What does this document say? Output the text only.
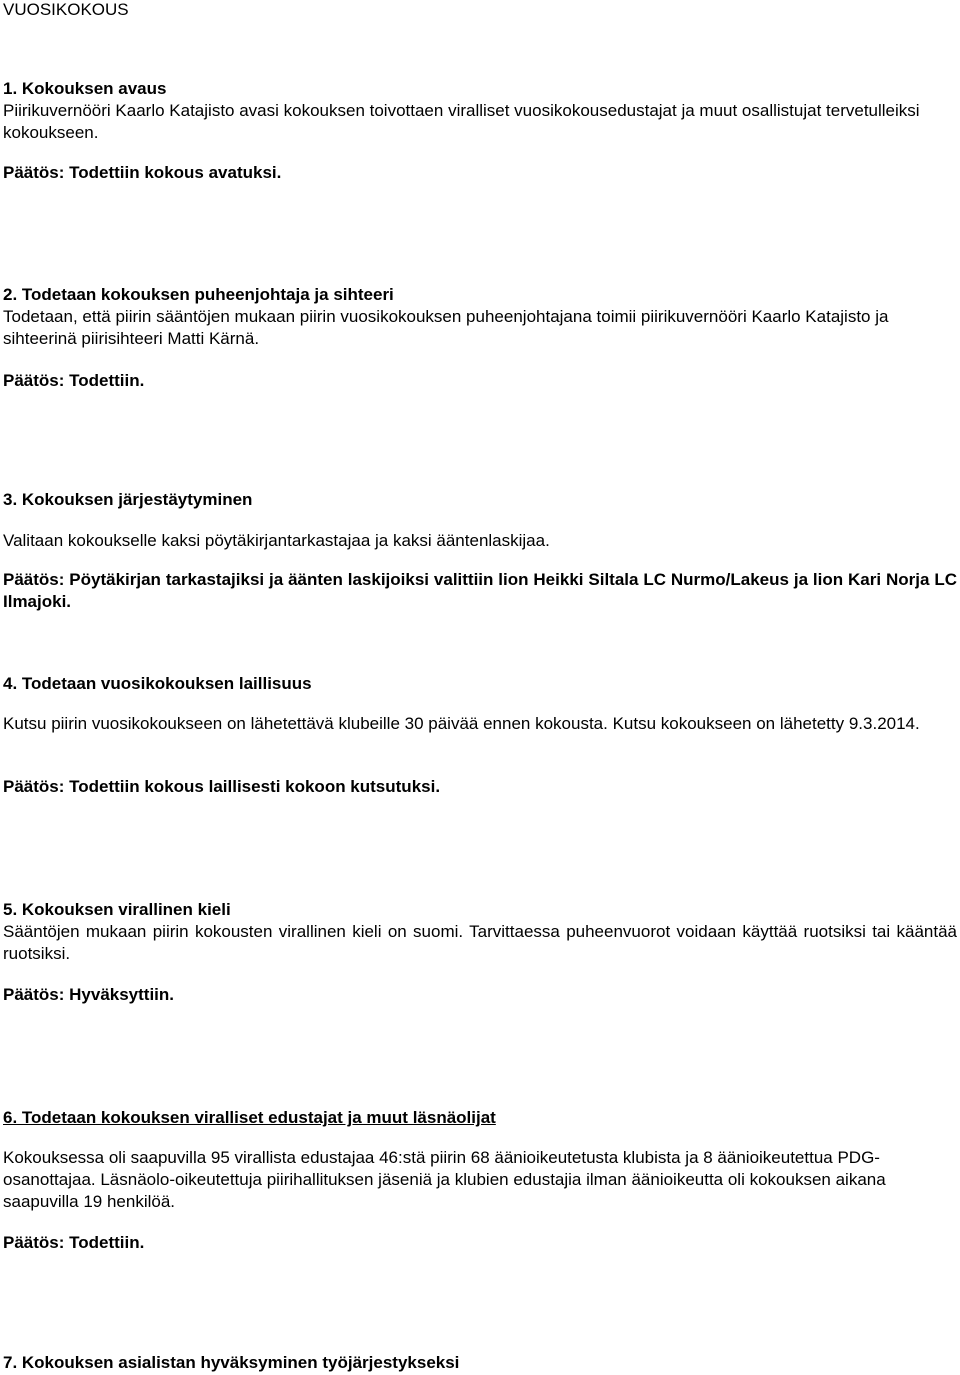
VUOSIKOKOUS

1. Kokouksen avaus

Piirikuvernööri Kaarlo Katajisto avasi kokouksen toivottaen viralliset vuosikokousedustajat ja muut osallistujat tervetulleiksi kokoukseen.

Päätös: Todettiin kokous avatuksi.

2. Todetaan kokouksen puheenjohtaja ja sihteeri

Todetaan, että piirin sääntöjen mukaan piirin vuosikokouksen puheenjohtajana toimii piirikuvernööri Kaarlo Katajisto ja sihteerinä piirisihteeri Matti Kärnä.

Päätös: Todettiin.

3. Kokouksen järjestäytyminen

Valitaan kokoukselle kaksi pöytäkirjantarkastajaa ja kaksi ääntenlaskijaa.

Päätös: Pöytäkirjan tarkastajiksi ja äänten laskijoiksi valittiin lion Heikki Siltala LC Nurmo/Lakeus ja lion Kari Norja LC Ilmajoki.

4. Todetaan vuosikokouksen laillisuus

Kutsu piirin vuosikokoukseen on lähetettävä klubeille 30 päivää ennen kokousta. Kutsu kokoukseen on lähetetty 9.3.2014.

Päätös: Todettiin kokous laillisesti kokoon kutsutuksi.

5. Kokouksen virallinen kieli

Sääntöjen mukaan piirin kokousten virallinen kieli on suomi. Tarvittaessa puheenvuorot voidaan käyttää ruotsiksi tai kääntää ruotsiksi.

Päätös: Hyväksyttiin.

6. Todetaan kokouksen viralliset edustajat ja muut läsnäolijat

Kokouksessa oli saapuvilla 95 virallista edustajaa 46:stä piirin 68 äänioikeutetusta klubista ja 8 äänioikeutettua PDG- osanottajaa. Läsnäolo-oikeutettuja piirihallituksen jäseniä ja klubien edustajia ilman äänioikeutta oli kokouksen aikana saapuvilla 19 henkilöä.

Päätös: Todettiin.

7. Kokouksen asialistan hyväksyminen työjärjestykseksi
